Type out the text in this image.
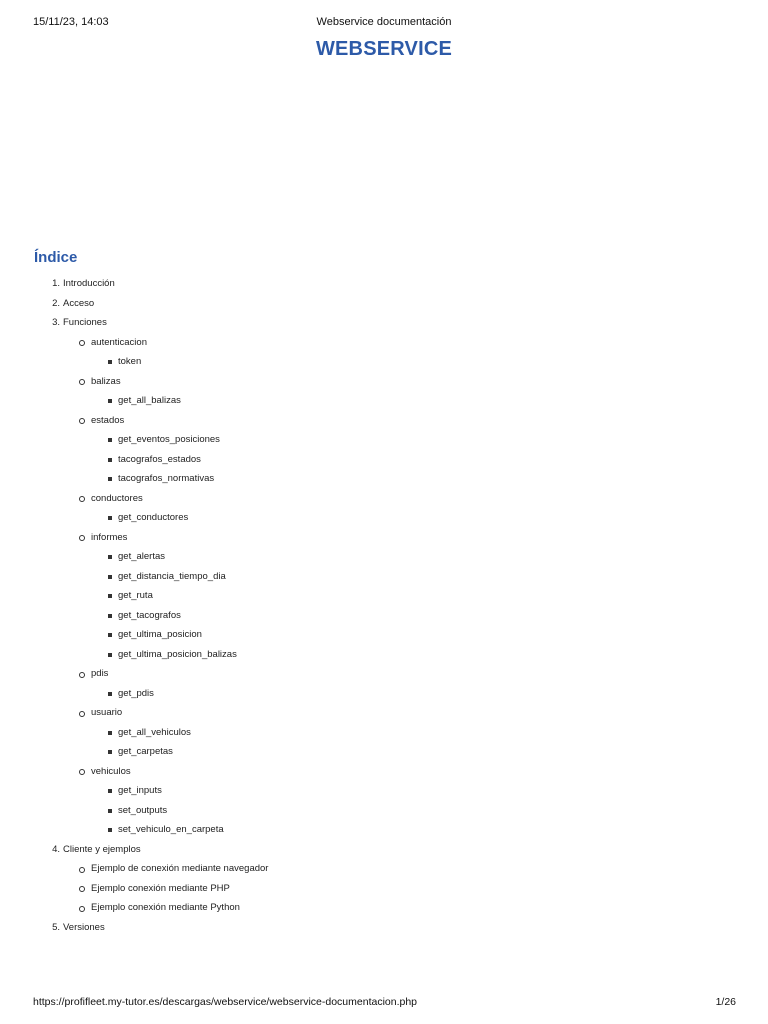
15/11/23, 14:03	Webservice documentación
WEBSERVICE
Índice
1. Introducción
2. Acceso
3. Funciones
autenticacion
token
balizas
get_all_balizas
estados
get_eventos_posiciones
tacografos_estados
tacografos_normativas
conductores
get_conductores
informes
get_alertas
get_distancia_tiempo_dia
get_ruta
get_tacografos
get_ultima_posicion
get_ultima_posicion_balizas
pdis
get_pdis
usuario
get_all_vehiculos
get_carpetas
vehiculos
get_inputs
set_outputs
set_vehiculo_en_carpeta
4. Cliente y ejemplos
Ejemplo de conexión mediante navegador
Ejemplo conexión mediante PHP
Ejemplo conexión mediante Python
5. Versiones
https://profifleet.my-tutor.es/descargas/webservice/webservice-documentacion.php	1/26
